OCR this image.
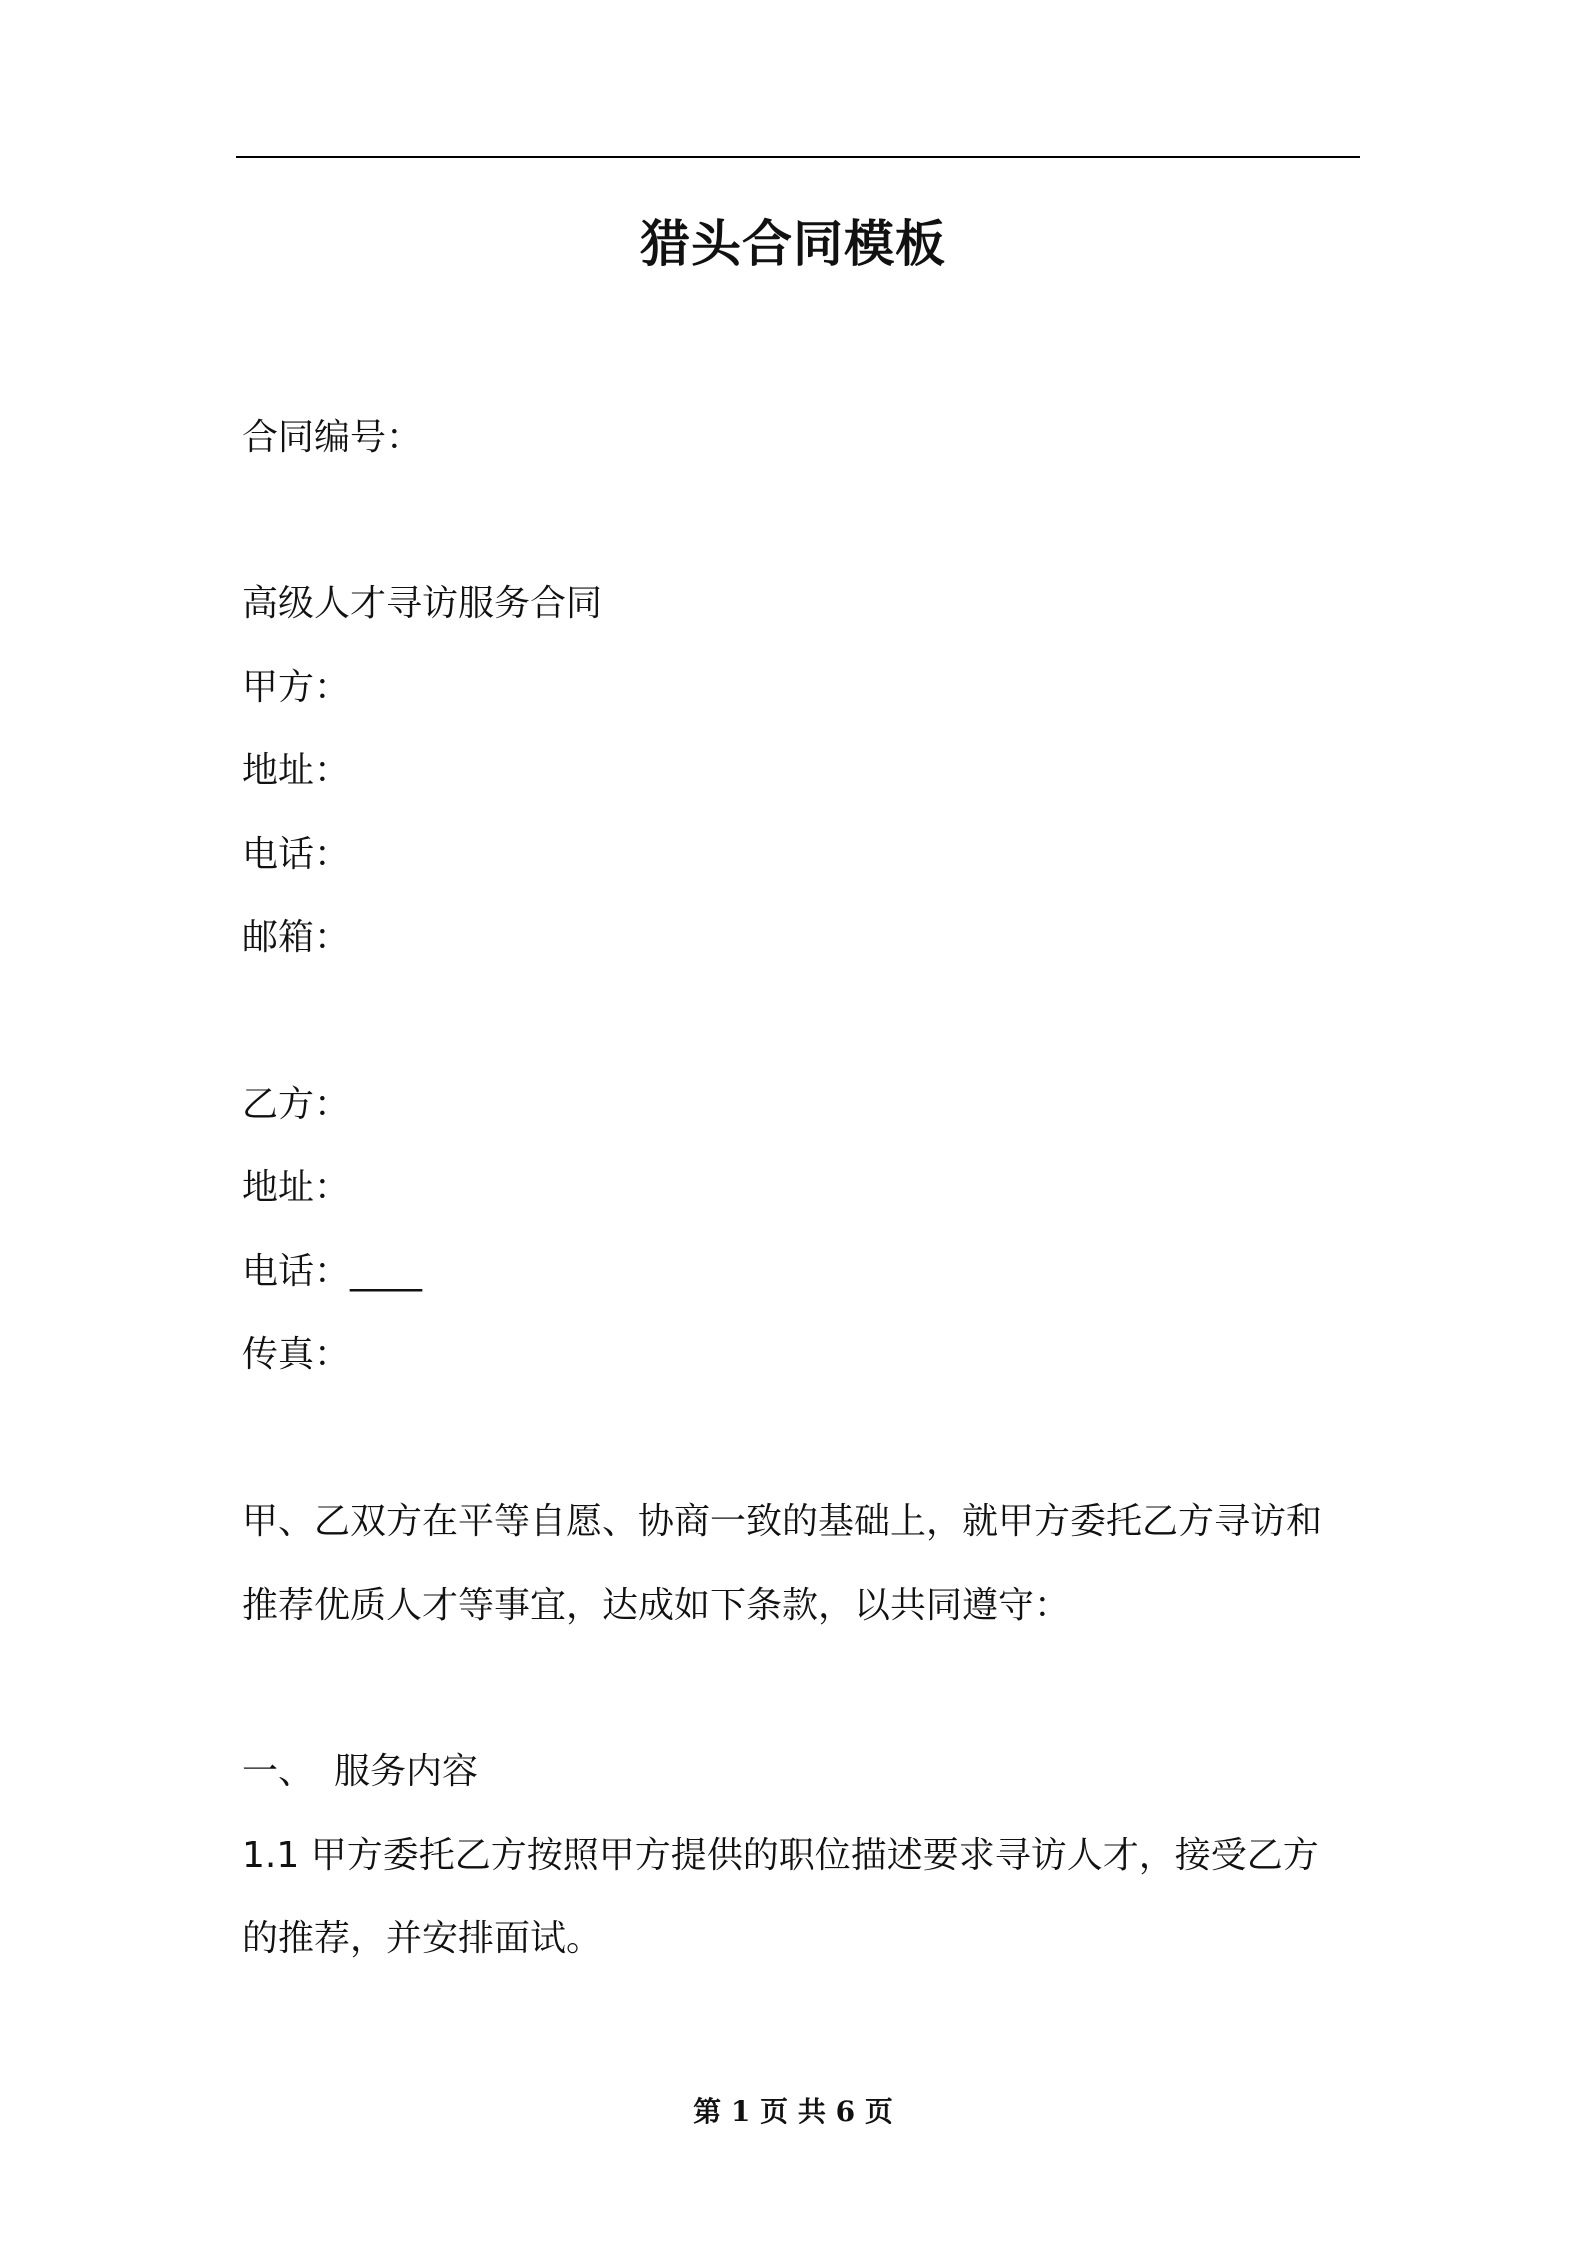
猎头合同模板
合同编号：
高级人才寻访服务合同
甲方：
地址：
电话：
邮箱：
乙方：
地址：
电话：____
传真：
甲、乙双方在平等自愿、协商一致的基础上，就甲方委托乙方寻访和
推荐优质人才等事宜，达成如下条款，以共同遵守：
一、 服务内容
1.1 甲方委托乙方按照甲方提供的职位描述要求寻访人才，接受乙方
的推荐，并安排面试。
第 1 页 共 6 页
